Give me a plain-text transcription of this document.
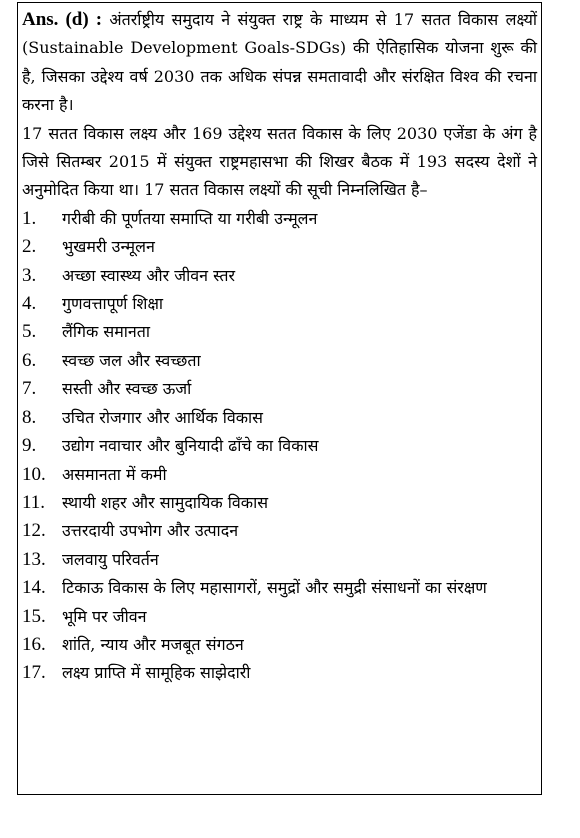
Ans. (d) : अंतर्राष्ट्रीय समुदाय ने संयुक्त राष्ट्र के माध्यम से 17 सतत विकास लक्ष्यों (Sustainable Development Goals-SDGs) की ऐतिहासिक योजना शुरू की है, जिसका उद्देश्य वर्ष 2030 तक अधिक संपन्न समतावादी और संरक्षित विश्व की रचना करना है।

17 सतत विकास लक्ष्य और 169 उद्देश्य सतत विकास के लिए 2030 एजेंडा के अंग है जिसे सितम्बर 2015 में संयुक्त राष्ट्रमहासभा की शिखर बैठक में 193 सदस्य देशों ने अनुमोदित किया था। 17 सतत विकास लक्ष्यों की सूची निम्नलिखित है–

1. गरीबी की पूर्णतया समाप्ति या गरीबी उन्मूलन
2. भुखमरी उन्मूलन
3. अच्छा स्वास्थ्य और जीवन स्तर
4. गुणवत्तापूर्ण शिक्षा
5. लैंगिक समानता
6. स्वच्छ जल और स्वच्छता
7. सस्ती और स्वच्छ ऊर्जा
8. उचित रोजगार और आर्थिक विकास
9. उद्योग नवाचार और बुनियादी ढाँचे का विकास
10. असमानता में कमी
11. स्थायी शहर और सामुदायिक विकास
12. उत्तरदायी उपभोग और उत्पादन
13. जलवायु परिवर्तन
14. टिकाऊ विकास के लिए महासागरों, समुद्रों और समुद्री संसाधनों का संरक्षण
15. भूमि पर जीवन
16. शांति, न्याय और मजबूत संगठन
17. लक्ष्य प्राप्ति में सामूहिक साझेदारी
